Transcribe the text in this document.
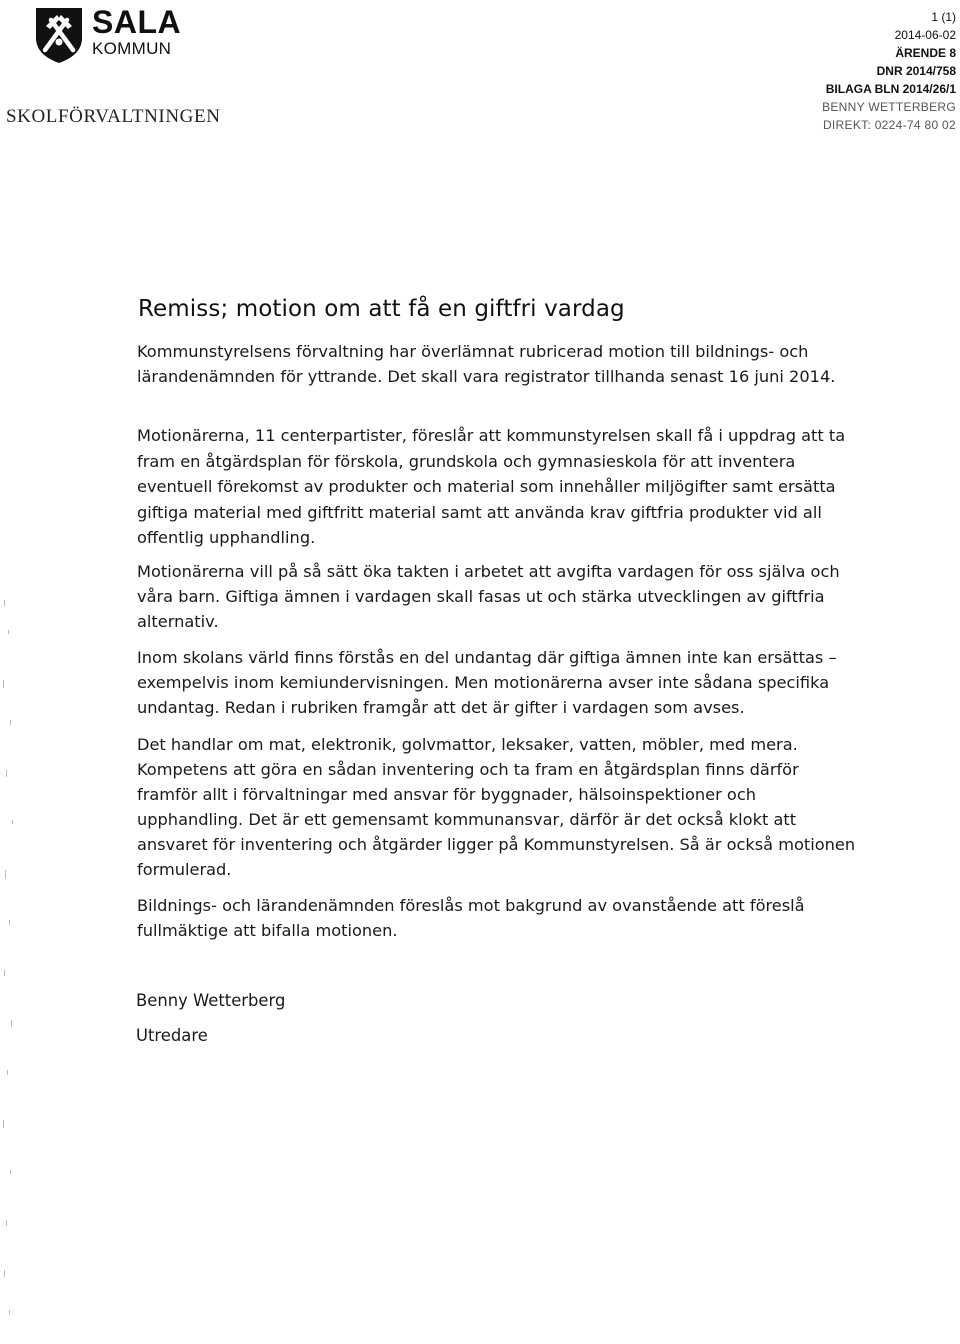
SALA
KOMMUN
SKOLFÖRVALTNINGEN
1 (1)
2014-06-02
ÄRENDE 8
DNR 2014/758
BILAGA BLN 2014/26/1
BENNY WETTERBERG
DIREKT: 0224-74 80 02
Remiss; motion om att få en giftfri vardag

Kommunstyrelsens förvaltning har överlämnat rubricerad motion till bildnings- och lärandenämnden för yttrande. Det skall vara registrator tillhanda senast 16 juni 2014.

Motionärerna, 11 centerpartister, föreslår att kommunstyrelsen skall få i uppdrag att ta fram en åtgärdsplan för förskola, grundskola och gymnasieskola för att inventera eventuell förekomst av produkter och material som innehåller miljögifter samt ersätta giftiga material med giftfritt material samt att använda krav giftfria produkter vid all offentlig upphandling.

Motionärerna vill på så sätt öka takten i arbetet att avgifta vardagen för oss själva och våra barn. Giftiga ämnen i vardagen skall fasas ut och stärka utvecklingen av giftfria alternativ.

Inom skolans värld finns förstås en del undantag där giftiga ämnen inte kan ersättas – exempelvis inom kemiundervisningen. Men motionärerna avser inte sådana specifika undantag. Redan i rubriken framgår att det är gifter i vardagen som avses.

Det handlar om mat, elektronik, golvmattor, leksaker, vatten, möbler, med mera. Kompetens att göra en sådan inventering och ta fram en åtgärdsplan finns därför framför allt i förvaltningar med ansvar för byggnader, hälsoinspektioner och upphandling. Det är ett gemensamt kommunansvar, därför är det också klokt att ansvaret för inventering och åtgärder ligger på Kommunstyrelsen. Så är också motionen formulerad.

Bildnings- och lärandenämnden föreslås mot bakgrund av ovanstående att föreslå fullmäktige att bifalla motionen.

Benny Wetterberg
Utredare
